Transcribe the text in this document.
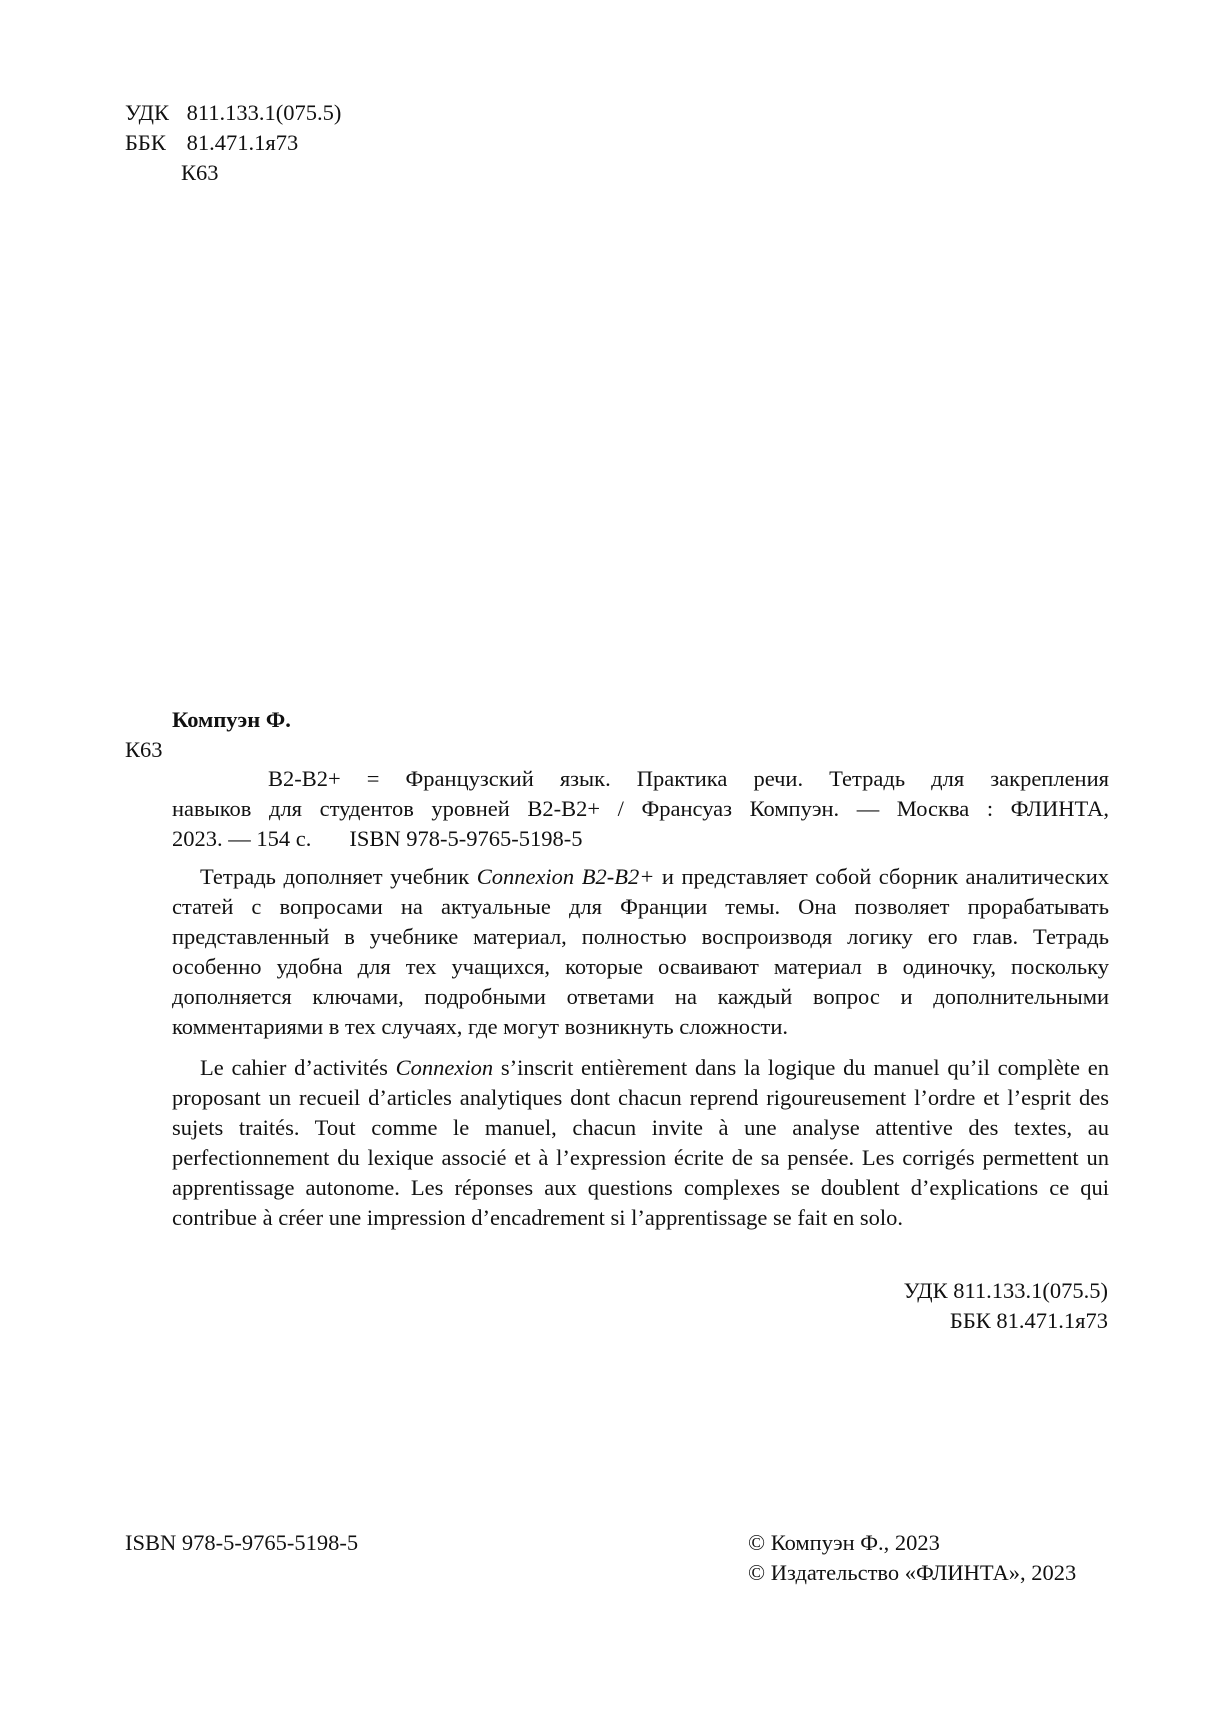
УДК 811.133.1(075.5)
ББК 81.471.1я73
К63
Компуэн Ф.
К63

B2-B2+ = Французский язык. Практика речи. Тетрадь для закрепления

навыков для студентов уровней B2-B2+ / Франсуаз Компуэн. — Москва : ФЛИНТА,

2023. — 154 с. ISBN 978-5-9765-5198-5

Тетрадь дополняет учебник Connexion B2-B2+ и представляет собой сборник аналитических статей с вопросами на актуальные для Франции темы. Она позволяет прорабатывать представленный в учебнике материал, полностью воспроизводя логику его глав. Тетрадь особенно удобна для тех учащихся, которые осваивают материал в одиночку, поскольку дополняется ключами, подробными ответами на каждый вопрос и дополнительными комментариями в тех случаях, где могут возникнуть сложности.

Le cahier d’activités Connexion s’inscrit entièrement dans la logique du manuel qu’il complète en proposant un recueil d’articles analytiques dont chacun reprend rigoureusement l’ordre et l’esprit des sujets traités. Tout comme le manuel, chacun invite à une analyse attentive des textes, au perfectionnement du lexique associé et à l’expression écrite de sa pensée. Les corrigés permettent un apprentissage autonome. Les réponses aux questions complexes se doublent d’explications ce qui contribue à créer une impression d’encadrement si l’apprentissage se fait en solo.

УДК 811.133.1(075.5)
ББК 81.471.1я73
ISBN 978-5-9765-5198-5	© Компуэн Ф., 2023
© Издательство «ФЛИНТА», 2023
